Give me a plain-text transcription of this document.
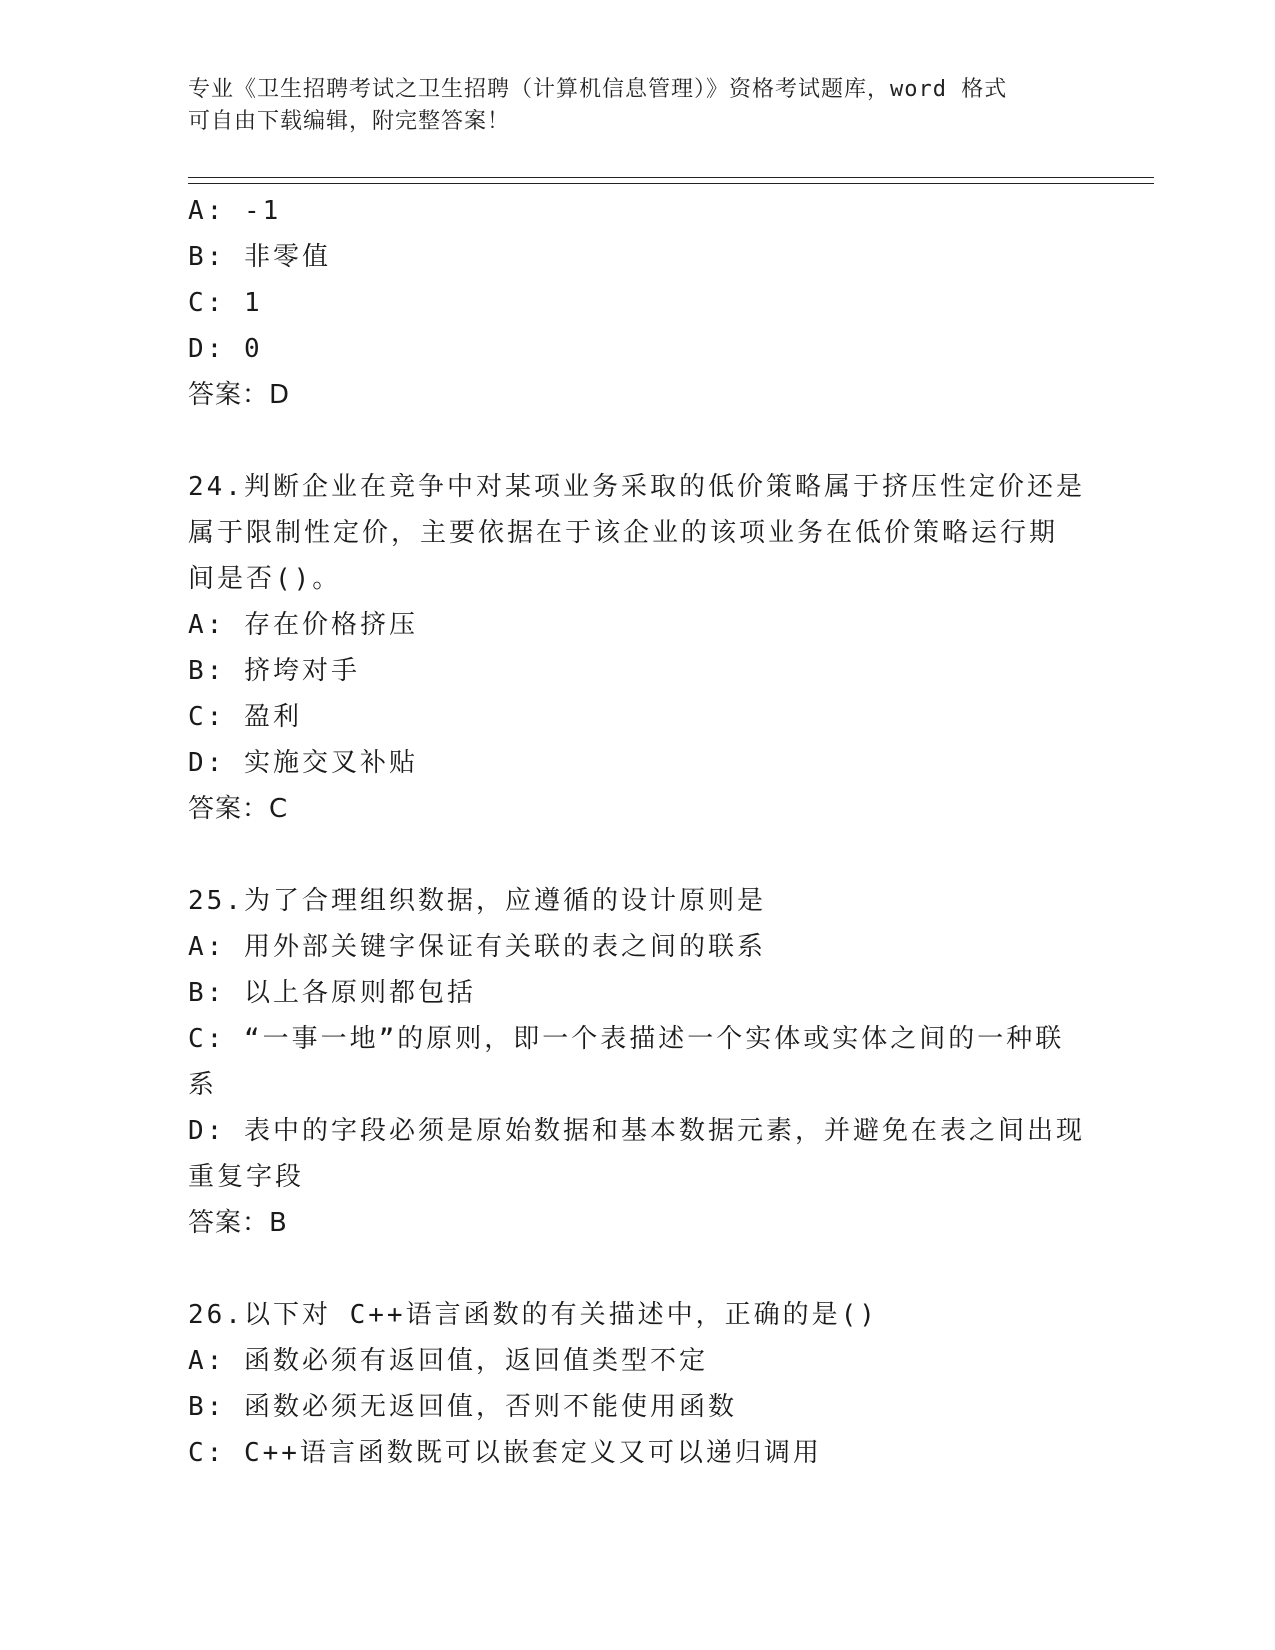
专业《卫生招聘考试之卫生招聘（计算机信息管理）》资格考试题库，word 格式
可自由下载编辑，附完整答案！
A: -1
B: 非零值
C: 1
D: 0
答案：D
24.判断企业在竞争中对某项业务采取的低价策略属于挤压性定价还是
属于限制性定价，主要依据在于该企业的该项业务在低价策略运行期
间是否()。
A: 存在价格挤压
B: 挤垮对手
C: 盈利
D: 实施交叉补贴
答案：C
25.为了合理组织数据，应遵循的设计原则是
A: 用外部关键字保证有关联的表之间的联系
B: 以上各原则都包括
C: “一事一地”的原则，即一个表描述一个实体或实体之间的一种联
系
D: 表中的字段必须是原始数据和基本数据元素，并避免在表之间出现
重复字段
答案：B
26.以下对 C++语言函数的有关描述中，正确的是()
A: 函数必须有返回值，返回值类型不定
B: 函数必须无返回值，否则不能使用函数
C: C++语言函数既可以嵌套定义又可以递归调用
